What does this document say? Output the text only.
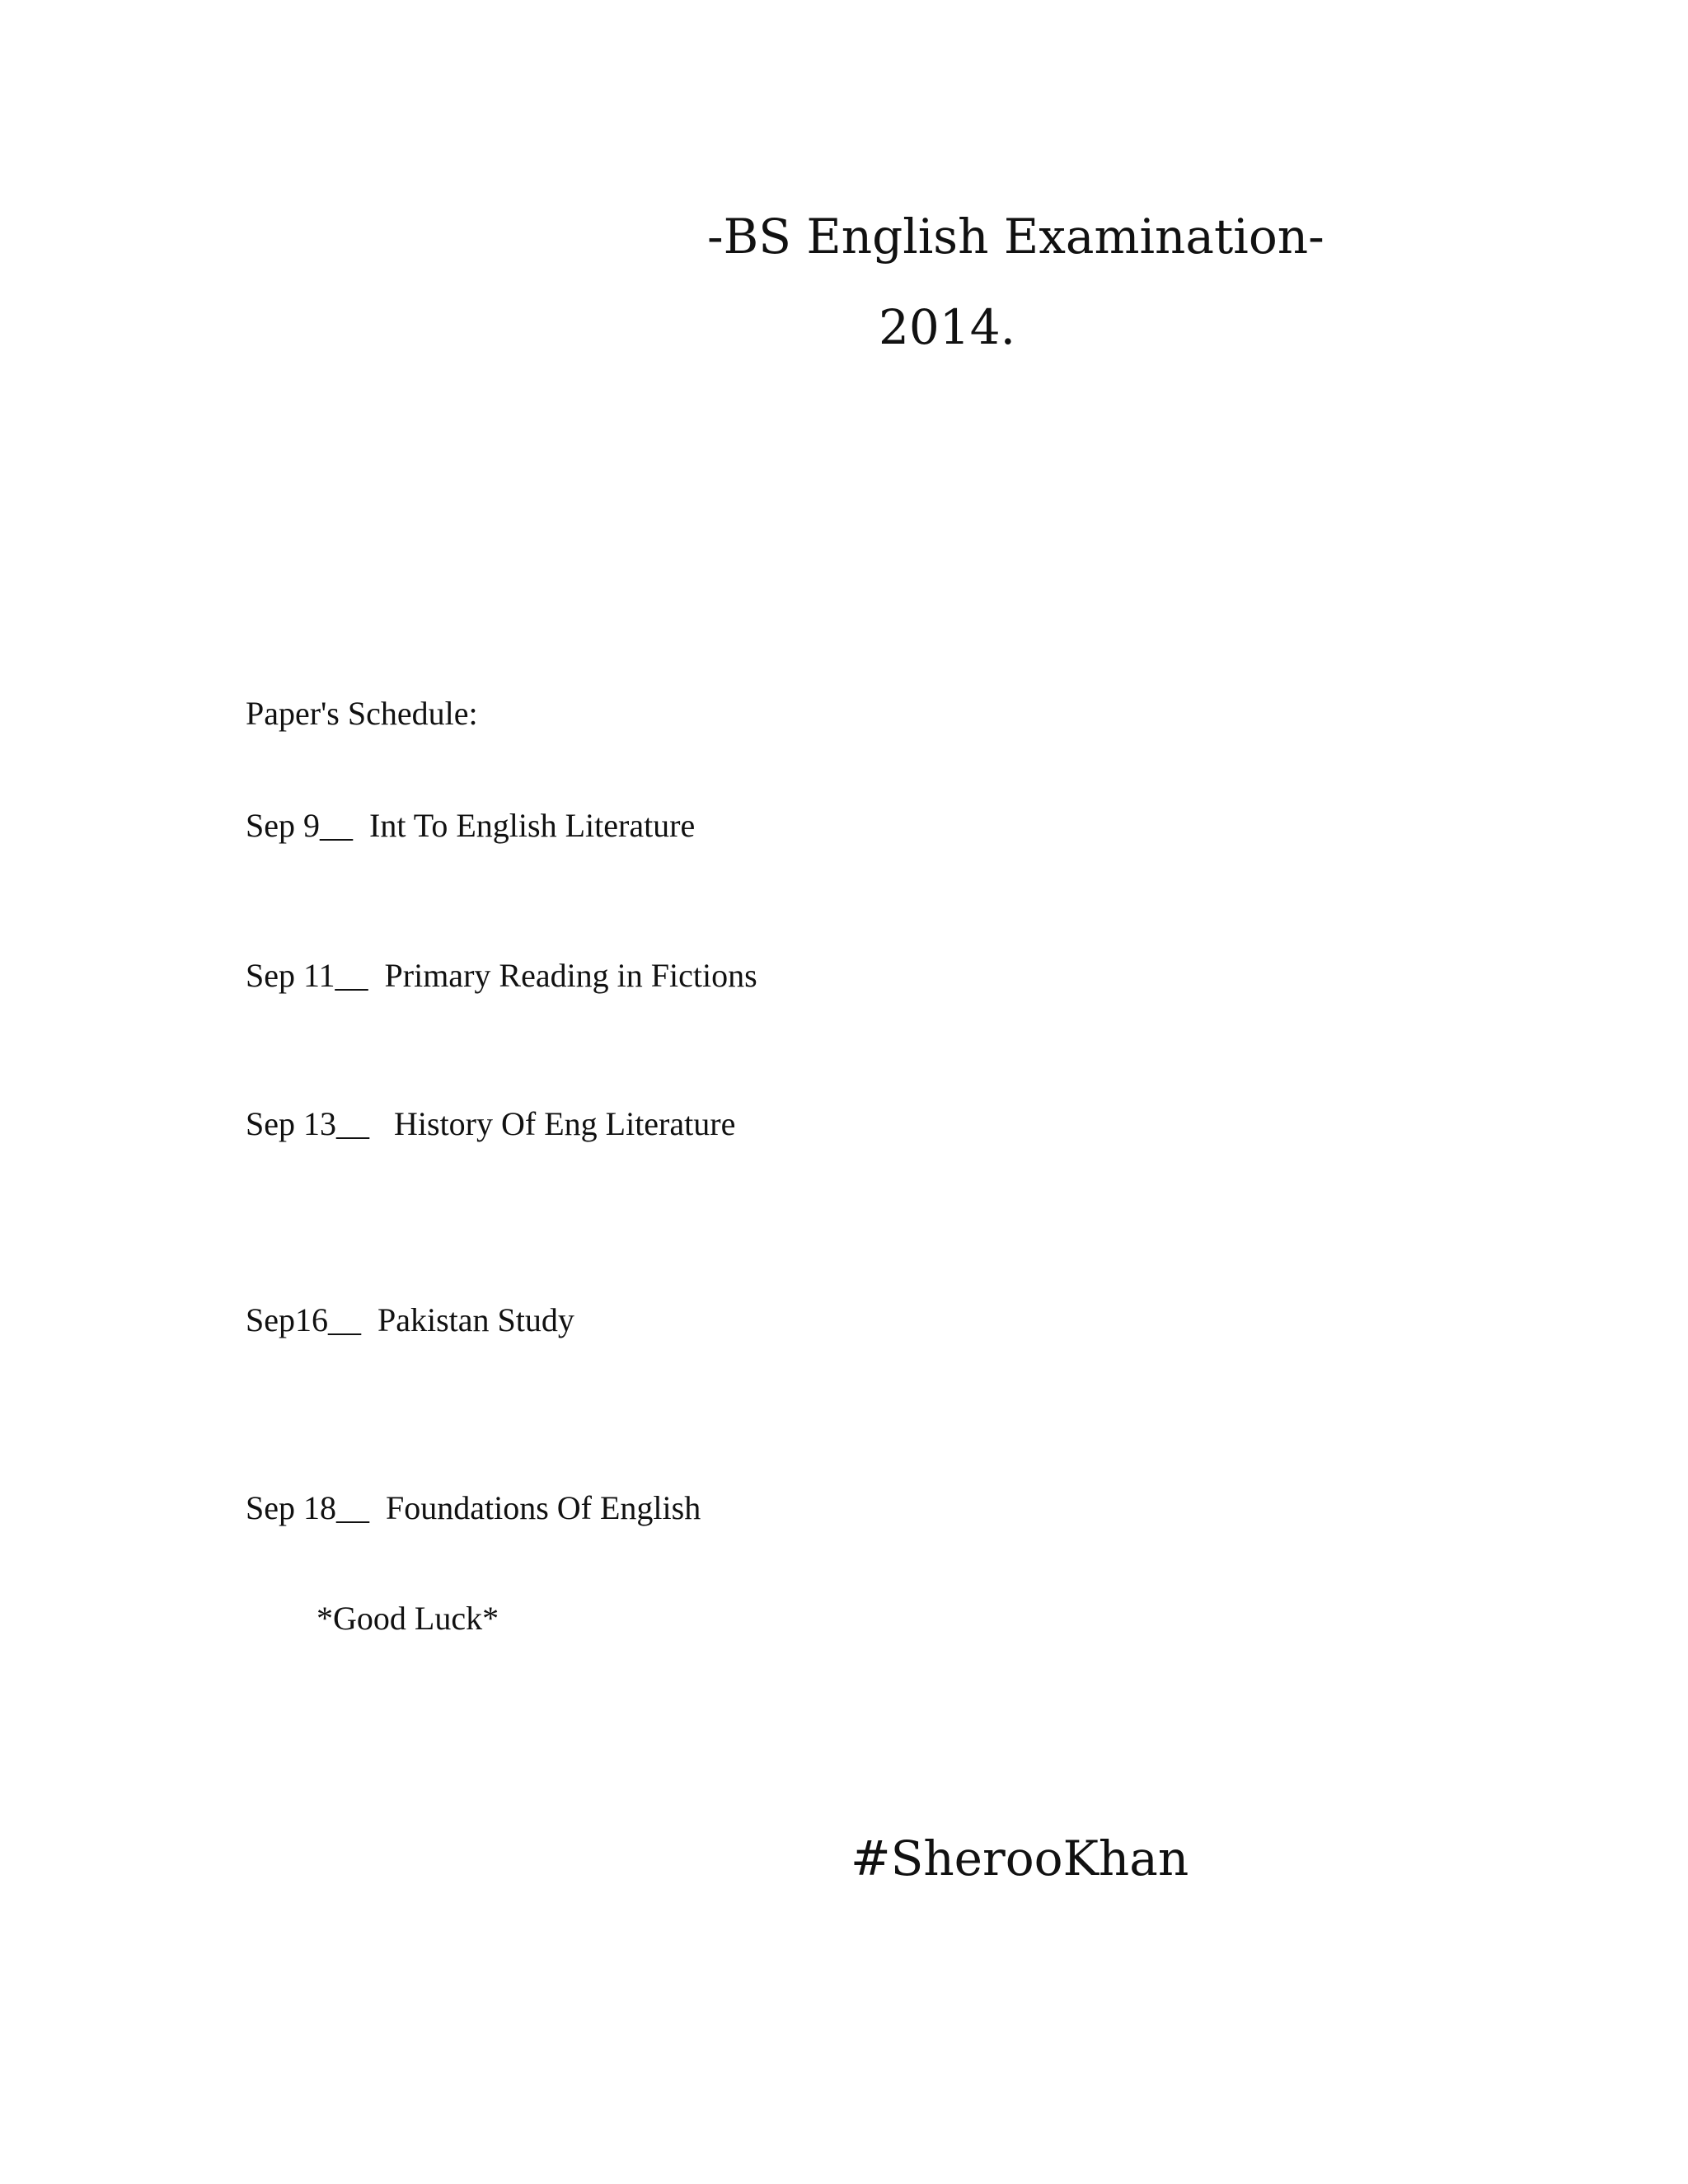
-BS English Examination-
2014.
Paper's Schedule:
Sep 9__  Int To English Literature
Sep 11__  Primary Reading in Fictions
Sep 13__   History Of Eng Literature
Sep16__  Pakistan Study
Sep 18__  Foundations Of English
*Good Luck*
#SherooKhan
